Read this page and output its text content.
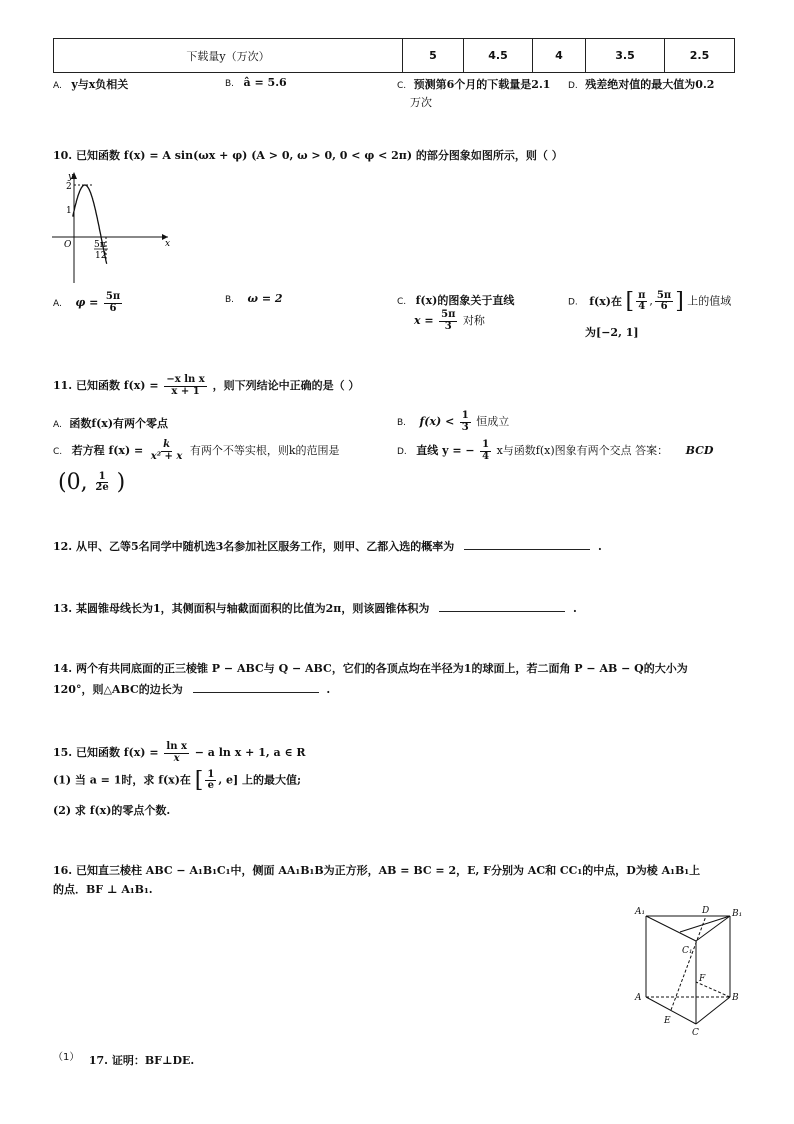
下载量y（万次）	5	4.5	4	3.5	2.5
A. y与x负相关	B. â = 5.6	C. 预测第6个月的下载量是2.1
万次
D. 残差绝对值的最大值为0.2
10. 已知函数 f(x) = A sin(ωx + φ) (A > 0, ω > 0, 0 < φ < 2π) 的部分图象如图所示，则（ ）
y
x
O
2
1
5π
12
A. $\varphi = \frac{5\pi}{6}$	B. ω = 2	C. f(x)的图象关于直线
$x = \frac{5\pi}{3}$ 对称
D. f(x)在 [ $\frac{\pi}{4}$ , $\frac{5\pi}{6}$ ] 上的值域
为[−2, 1]
11. 已知函数 $f(x) = \frac{\text{−x ln x}}{x + 1}$ ，则下列结论中正确的是（ ）
A. 函数f(x)有两个零点	B. $f(x) < \frac{1}{3}$ 恒成立
C. 若方程 $f(x) = \frac{k}{\text{x² + x}}$ 有两个不等实根，则k的范围是
(0, $\frac{1}{2e}$ )
D. 直线 y = − $\frac{1}{4}$ x与函数f(x)图象有两个交点 答案： BCD
12. 从甲、乙等5名同学中随机选3名参加社区服务工作，则甲、乙都入选的概率为	.
13. 某圆锥母线长为1，其侧面积与轴截面面积的比值为2π，则该圆锥体积为	.
14. 两个有共同底面的正三棱锥 P − ABC与 Q − ABC，它们的各顶点均在半径为1的球面上，若二面角 P − AB − Q的大小为
120°，则△ABC的边长为	.
15. 已知函数 $f(x) = \frac{\text{ln x}}{x} - a$ ln x + 1, a ∈ R
(1) 当 a = 1时，求 f(x)在 [ $\frac{1}{e}$ , e] 上的最大值;
(2) 求 f(x)的零点个数.
16. 已知直三棱柱 ABC − A₁B₁C₁中，侧面 AA₁B₁B为正方形，AB = BC = 2，E, F分别为 AC和 CC₁的中点，D为棱 A₁B₁上
的点．BF ⊥ A₁B₁.
A₁	D	B₁
C₁
F
A	B
E
C
（1） 17. 证明：BF⊥DE.
